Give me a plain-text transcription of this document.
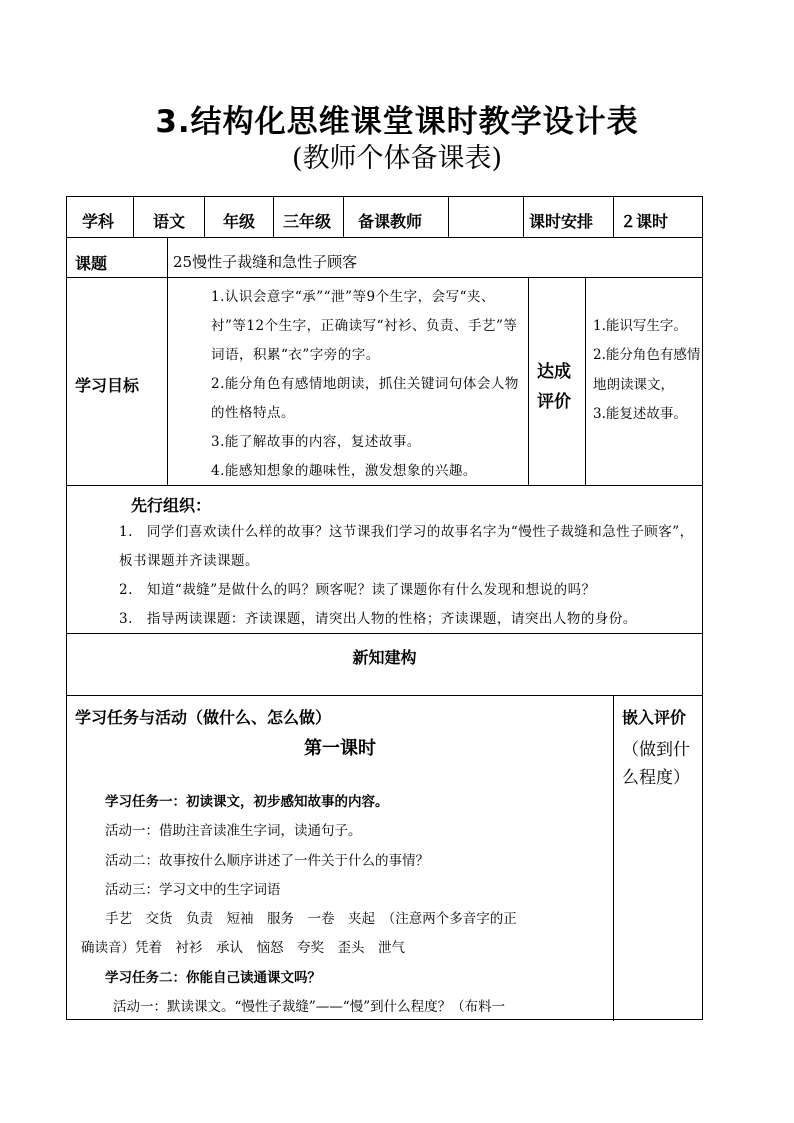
3.结构化思维课堂课时教学设计表
(教师个体备课表)
学科 语文 年级 三年级 备课教师	课时安排 ２课时
课题	25慢性子裁缝和急性子顾客
学习目标

1.认识会意字“承”“泄”等9个生字，会写“夹、衬”等12个生字，正确读写“衬衫、负责、手艺”等词语，积累“衣”字旁的字。

2.能分角色有感情地朗读，抓住关键词句体会人物的性格特点。

3.能了解故事的内容，复述故事。

4.能感知想象的趣味性，激发想象的兴趣。

达成
评价

1.能识写生字。

2.能分角色有感情地朗读课文，

3.能复述故事。

先行组织：

1.　同学们喜欢读什么样的故事？这节课我们学习的故事名字为“慢性子裁缝和急性子顾客”，板书课题并齐读课题。

2.　知道“裁缝”是做什么的吗？顾客呢？读了课题你有什么发现和想说的吗？

3.　指导两读课题：齐读课题，请突出人物的性格；齐读课题，请突出人物的身份。

新知建构
学习任务与活动（做什么、怎么做）
第一课时
嵌入评价
（做到什
么程度）

学习任务一：初读课文，初步感知故事的内容。

活动一：借助注音读准生字词，读通句子。

活动二：故事按什么顺序讲述了一件关于什么的事情？

活动三：学习文中的生字词语

手艺　交货　负责　短袖　服务　一卷　夹起　（注意两个多音字的正

确读音）凭着　衬衫　承认　恼怒　夸奖　歪头　泄气

学习任务二：你能自己读通课文吗？

活动一：默读课文。“慢性子裁缝”——“慢”到什么程度？（布料一
